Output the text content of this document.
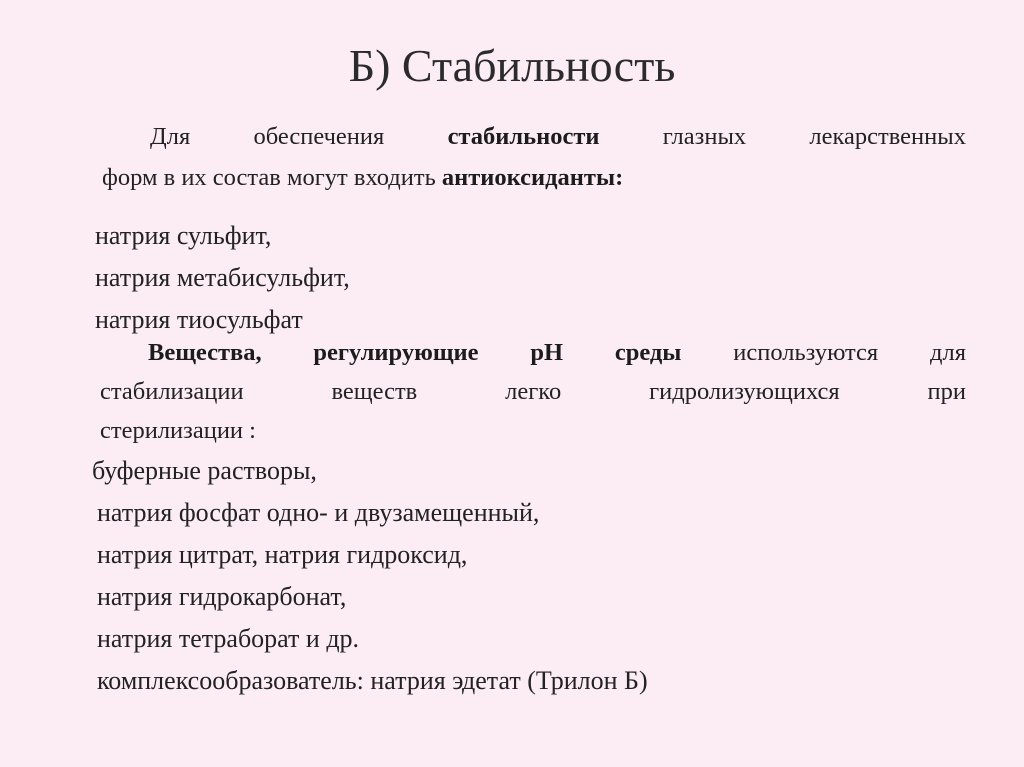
Б) Стабильность
Для обеспечения стабильности глазных лекарственных
форм в их состав могут входить антиоксиданты:
натрия сульфит,
натрия метабисульфит,
натрия тиосульфат
Вещества, регулирующие рН среды используются для
стабилизации веществ легко гидролизующихся при
стерилизации :
буферные растворы,
натрия фосфат одно- и двузамещенный,
натрия цитрат, натрия гидроксид,
натрия гидрокарбонат,
натрия тетраборат и др.
комплексообразователь: натрия эдетат (Трилон Б)
